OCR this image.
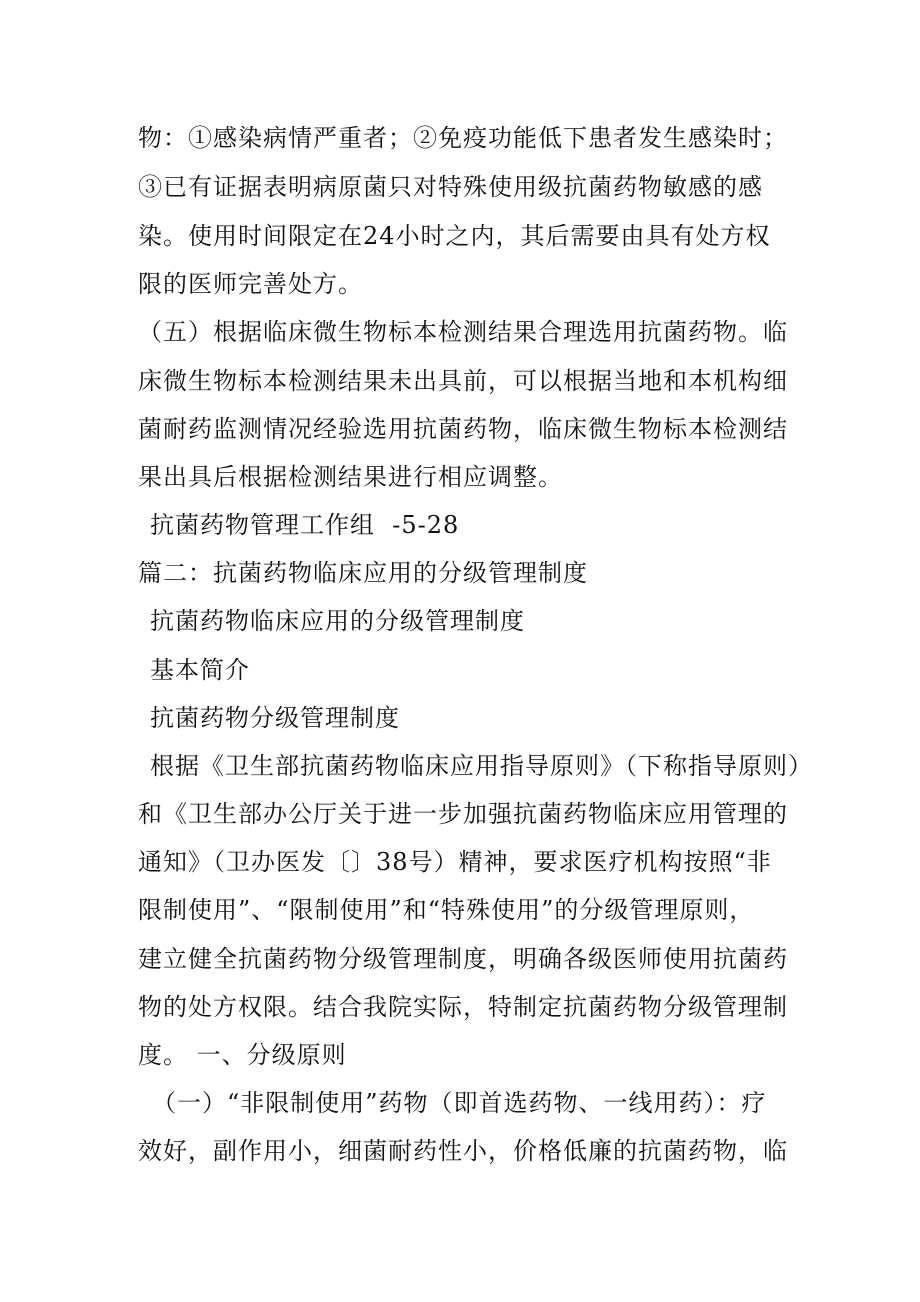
物：①感染病情严重者；②免疫功能低下患者发生感染时；
③已有证据表明病原菌只对特殊使用级抗菌药物敏感的感
染。使用时间限定在24小时之内，其后需要由具有处方权
限的医师完善处方。
（五）根据临床微生物标本检测结果合理选用抗菌药物。临
床微生物标本检测结果未出具前，可以根据当地和本机构细
菌耐药监测情况经验选用抗菌药物，临床微生物标本检测结
果出具后根据检测结果进行相应调整。
抗菌药物管理工作组  -5-28
篇二：抗菌药物临床应用的分级管理制度
抗菌药物临床应用的分级管理制度
基本简介
抗菌药物分级管理制度
根据《卫生部抗菌药物临床应用指导原则》（下称指导原则）
和《卫生部办公厅关于进一步加强抗菌药物临床应用管理的
通知》（卫办医发〔〕38号）精神，要求医疗机构按照“非
限制使用”、“限制使用”和“特殊使用”的分级管理原则，
建立健全抗菌药物分级管理制度，明确各级医师使用抗菌药
物的处方权限。结合我院实际，特制定抗菌药物分级管理制
度。 一、分级原则
（一）“非限制使用”药物（即首选药物、一线用药）：疗
效好，副作用小，细菌耐药性小，价格低廉的抗菌药物，临
